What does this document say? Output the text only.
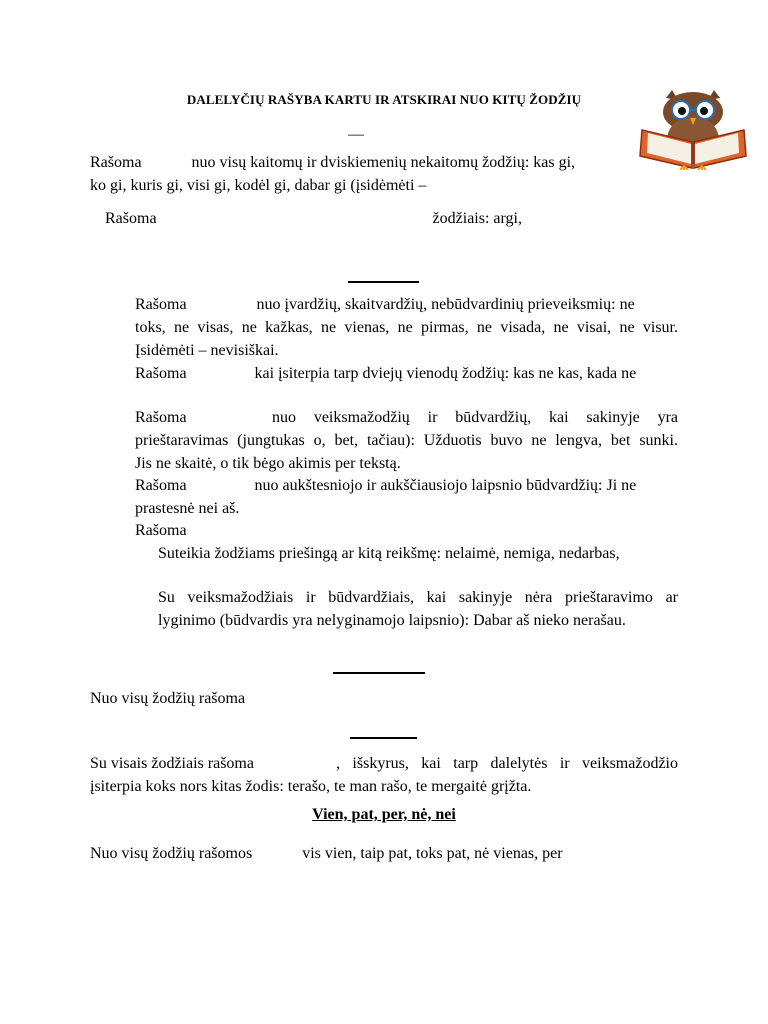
DALELYČIŲ RAŠYBA KARTU IR ATSKIRAI NUO KITŲ ŽODŽIŲ
—
Rašoma	nuo visų kaitomų ir dviskiemenių nekaitomų žodžių: kas gi,
ko gi, kuris gi, visi gi, kodėl gi, dabar gi (įsidėmėti –
Rašoma	žodžiais: argi,
Rašoma	nuo įvardžių, skaitvardžių, nebūdvardinių prieveiksmių: ne
toks, ne visas, ne kažkas, ne vienas, ne pirmas, ne visada, ne visai, ne visur.
Įsidėmėti – nevisiškai.
Rašoma	kai įsiterpia tarp dviejų vienodų žodžių: kas ne kas, kada ne
Rašoma	nuo veiksmažodžių ir būdvardžių, kai sakinyje yra
prieštaravimas (jungtukas o, bet, tačiau): Užduotis buvo ne lengva, bet sunki.
Jis ne skaitė, o tik bėgo akimis per tekstą.
Rašoma	nuo aukštesniojo ir aukščiausiojo laipsnio būdvardžių: Ji ne
prastesnė nei aš.
Rašoma
Suteikia žodžiams priešingą ar kitą reikšmę: nelaimė, nemiga, nedarbas,
Su veiksmažodžiais ir būdvardžiais, kai sakinyje nėra prieštaravimo ar
lyginimo (būdvardis yra nelyginamojo laipsnio): Dabar aš nieko nerašau.
Nuo visų žodžių rašoma
Su visais žodžiais rašoma	, išskyrus, kai tarp dalelytės ir veiksmažodžio
įsiterpia koks nors kitas žodis: terašo, te man rašo, te mergaitė grįžta.
Vien, pat, per, nė, nei
Nuo visų žodžių rašomos	vis vien, taip pat, toks pat, nė vienas, per
